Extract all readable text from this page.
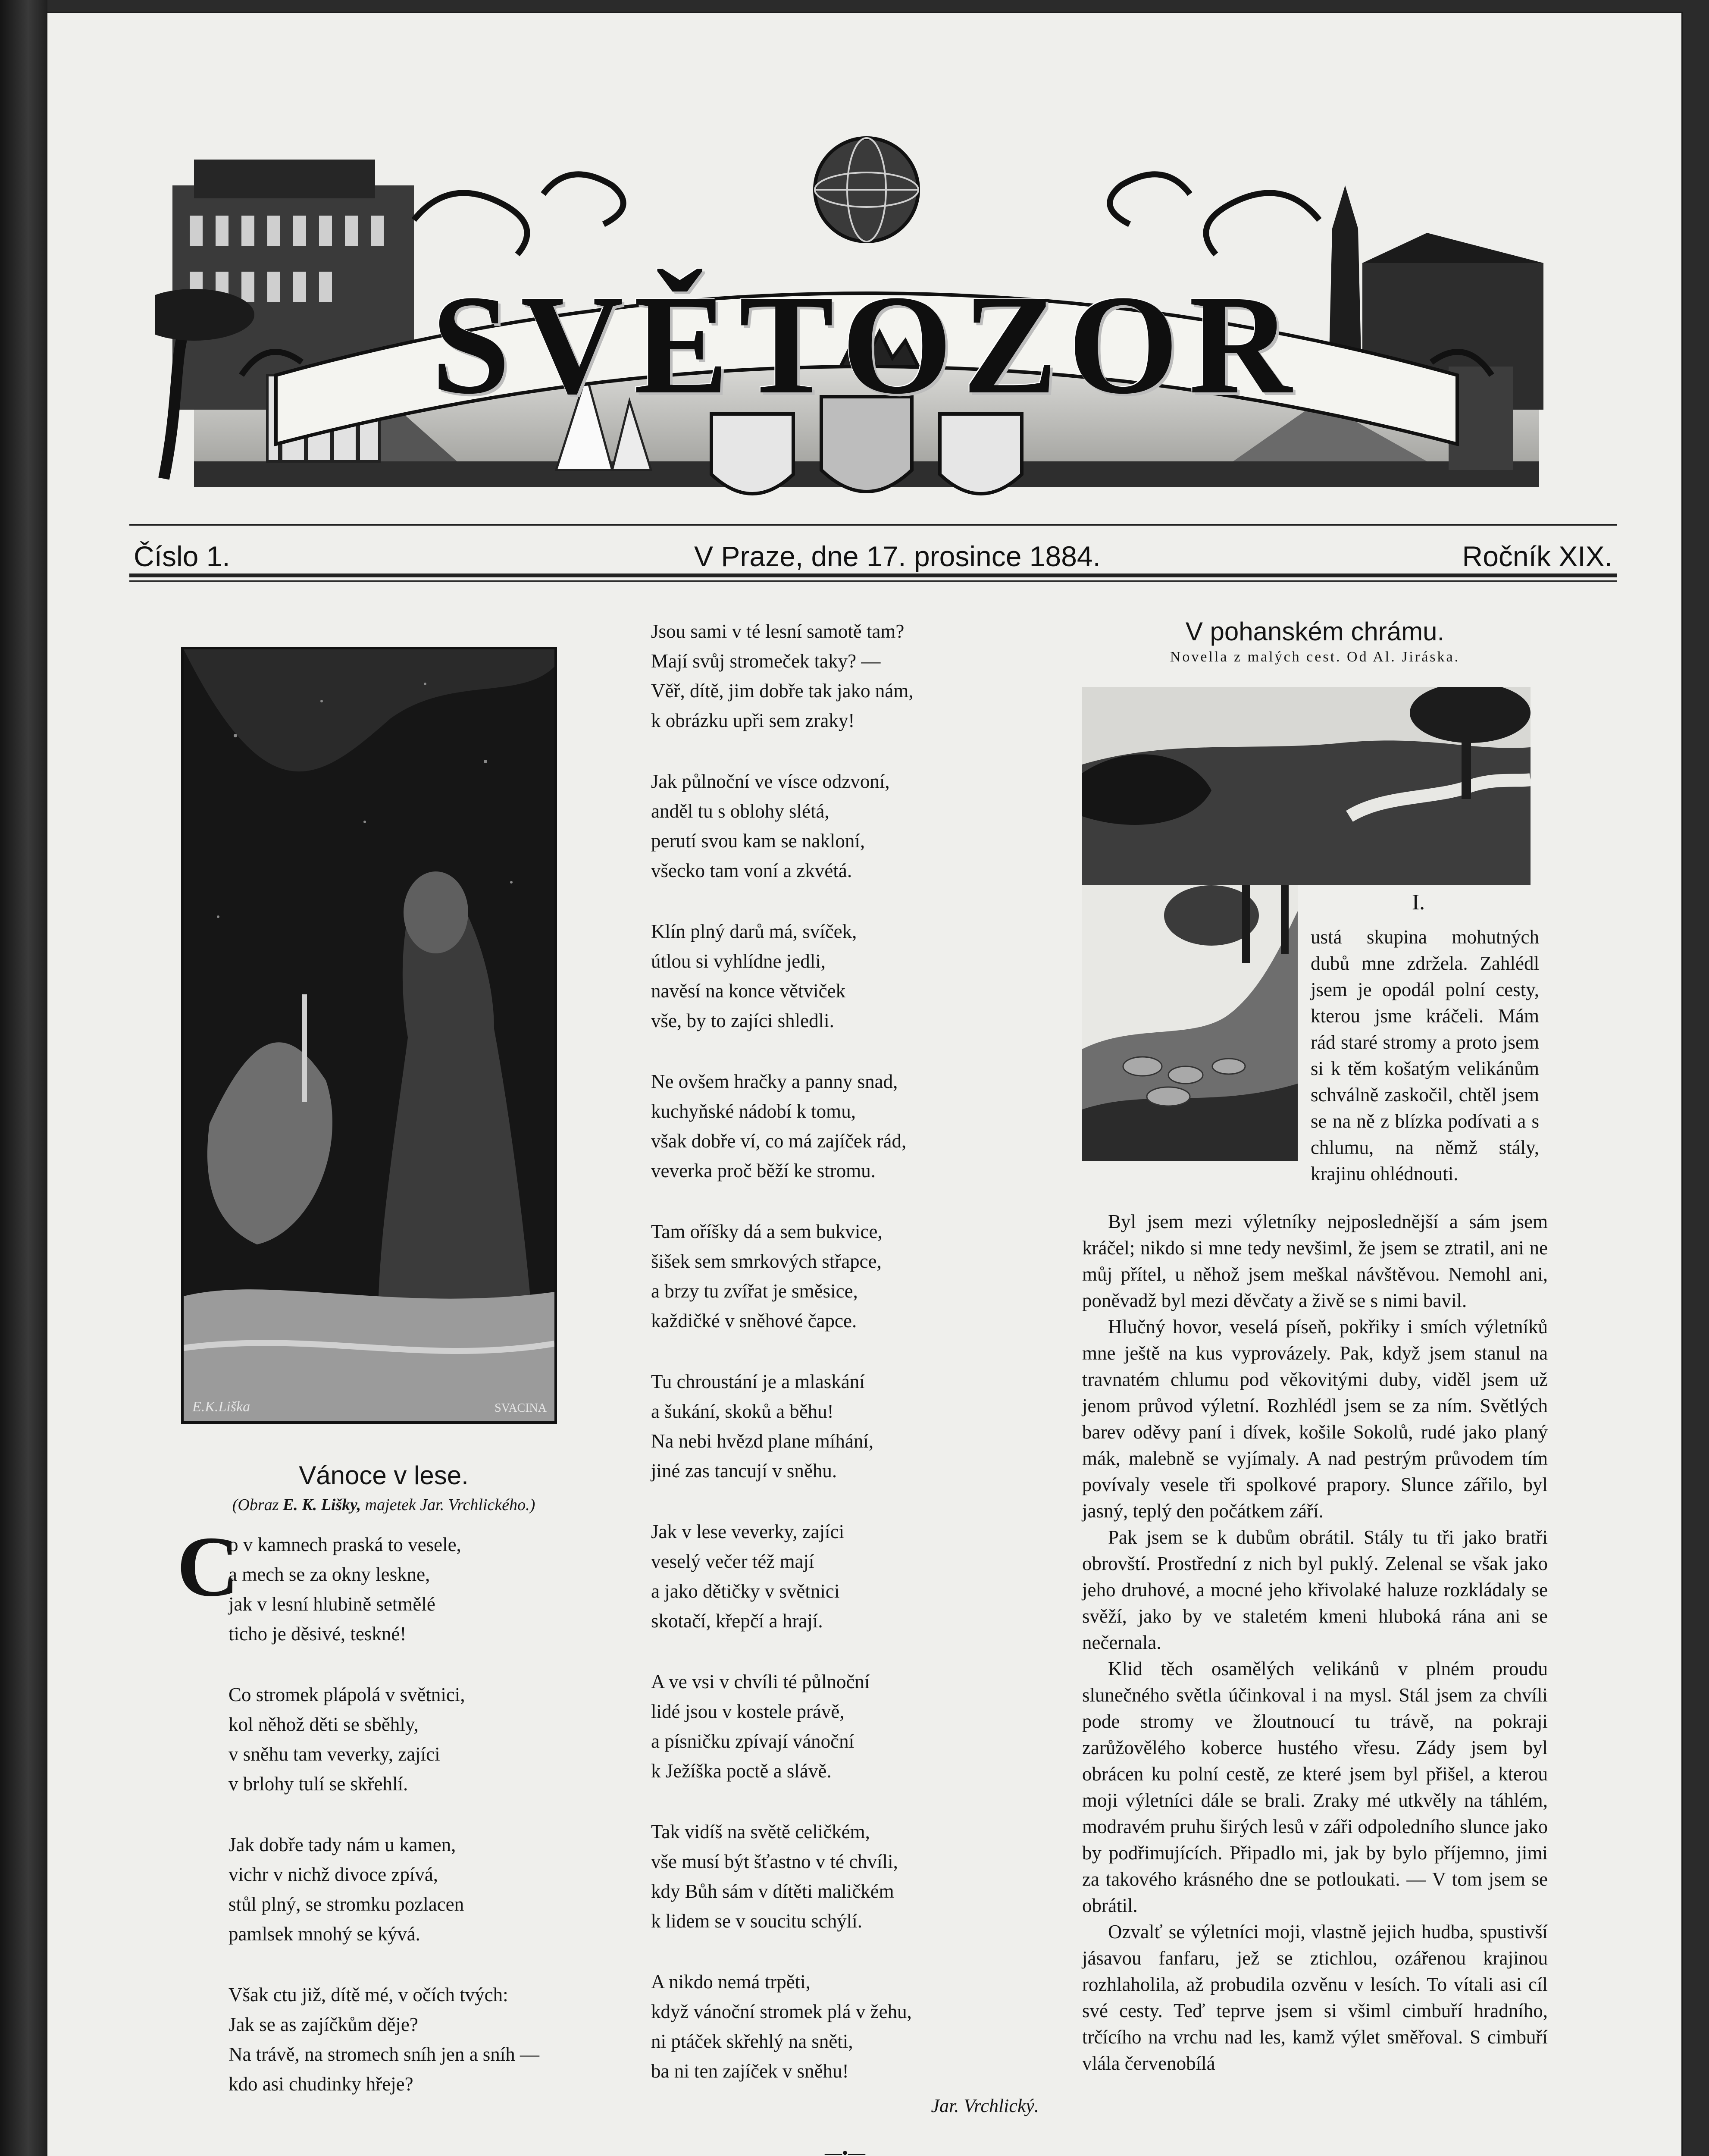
SVĚTOZOR
Číslo 1.	V Praze, dne 17. prosince 1884.	Ročník XIX.
E.K.Liška	SVACINA
Vánoce v lese.
(Obraz E. K. Lišky, majetek Jar. Vrchlického.)
C
o v kamnech praská to vesele,
a mech se za okny leskne,
jak v lesní hlubině setmělé
ticho je děsivé, teskné!
Co stromek plápolá v světnici,
kol něhož děti se sběhly,
v sněhu tam veverky, zajíci
v brlohy tulí se skřehlí.
Jak dobře tady nám u kamen,
vichr v nichž divoce zpívá,
stůl plný, se stromku pozlacen
pamlsek mnohý se kývá.
Však ctu již, dítě mé, v očích tvých:
Jak se as zajíčkům děje?
Na trávě, na stromech sníh jen a sníh —
kdo asi chudinky hřeje?
Jsou sami v té lesní samotě tam?
Mají svůj stromeček taky? —
Věř, dítě, jim dobře tak jako nám,
k obrázku upři sem zraky!
Jak půlnoční ve vísce odzvoní,
anděl tu s oblohy slétá,
perutí svou kam se nakloní,
všecko tam voní a zkvétá.
Klín plný darů má, svíček,
útlou si vyhlídne jedli,
navěsí na konce větviček
vše, by to zajíci shledli.
Ne ovšem hračky a panny snad,
kuchyňské nádobí k tomu,
však dobře ví, co má zajíček rád,
veverka proč běží ke stromu.
Tam oříšky dá a sem bukvice,
šišek sem smrkových střapce,
a brzy tu zvířat je směsice,
každičké v sněhové čapce.
Tu chroustání je a mlaskání
a šukání, skoků a běhu!
Na nebi hvězd plane míhání,
jiné zas tancují v sněhu.
Jak v lese veverky, zajíci
veselý večer též mají
a jako dětičky v světnici
skotačí, křepčí a hrají.
A ve vsi v chvíli té půlnoční
lidé jsou v kostele právě,
a písničku zpívají vánoční
k Ježíška poctě a slávě.
Tak vidíš na světě celičkém,
vše musí být šťastno v té chvíli,
kdy Bůh sám v dítěti maličkém
k lidem se v soucitu schýlí.
A nikdo nemá trpěti,
když vánoční stromek plá v žehu,
ni ptáček skřehlý na sněti,
ba ni ten zajíček v sněhu!
Jar. Vrchlický.
—•—
V pohanském chrámu.
Novella z malých cest. Od Al. Jiráska.
I.

ustá skupina mohutných dubů mne zdržela. Zahlédl jsem je opodál polní cesty, kterou jsme kráčeli. Mám rád staré stromy a proto jsem si k těm košatým velikánům schválně zaskočil, chtěl jsem se na ně z blízka podívati a s chlumu, na němž stály, krajinu ohlédnouti.

Byl jsem mezi výletníky nejposlednější a sám jsem kráčel; nikdo si mne tedy nevšiml, že jsem se ztratil, ani ne můj přítel, u něhož jsem meškal návštěvou. Nemohl ani, poněvadž byl mezi děvčaty a živě se s nimi bavil.

Hlučný hovor, veselá píseň, pokřiky i smích výletníků mne ještě na kus vyprovázely. Pak, když jsem stanul na travnatém chlumu pod věkovitými duby, viděl jsem už jenom průvod výletní. Rozhlédl jsem se za ním. Světlých barev oděvy paní i dívek, košile Sokolů, rudé jako planý mák, malebně se vyjímaly. A nad pestrým průvodem tím povívaly vesele tři spolkové prapory. Slunce zářilo, byl jasný, teplý den počátkem září.

Pak jsem se k dubům obrátil. Stály tu tři jako bratři obrovští. Prostřední z nich byl puklý. Zelenal se však jako jeho druhové, a mocné jeho křivolaké haluze rozkládaly se svěží, jako by ve staletém kmeni hluboká rána ani se nečernala.

Klid těch osamělých velikánů v plném proudu slunečného světla účinkoval i na mysl. Stál jsem za chvíli pode stromy ve žloutnoucí tu trávě, na pokraji zarůžovělého koberce hustého vřesu. Zády jsem byl obrácen ku polní cestě, ze které jsem byl přišel, a kterou moji výletníci dále se brali. Zraky mé utkvěly na táhlém, modravém pruhu širých lesů v záři odpoledního slunce jako by podřimujících. Připadlo mi, jak by bylo příjemno, jimi za takového krásného dne se potloukati. — V tom jsem se obrátil.

Ozvalť se výletníci moji, vlastně jejich hudba, spustivší jásavou fanfaru, jež se ztichlou, ozářenou krajinou rozhlaholila, až probudila ozvěnu v lesích. To vítali asi cíl své cesty. Teď teprve jsem si všiml cimbuří hradního, trčícího na vrchu nad les, kamž výlet směřoval. S cimbuří vlála červenobílá
